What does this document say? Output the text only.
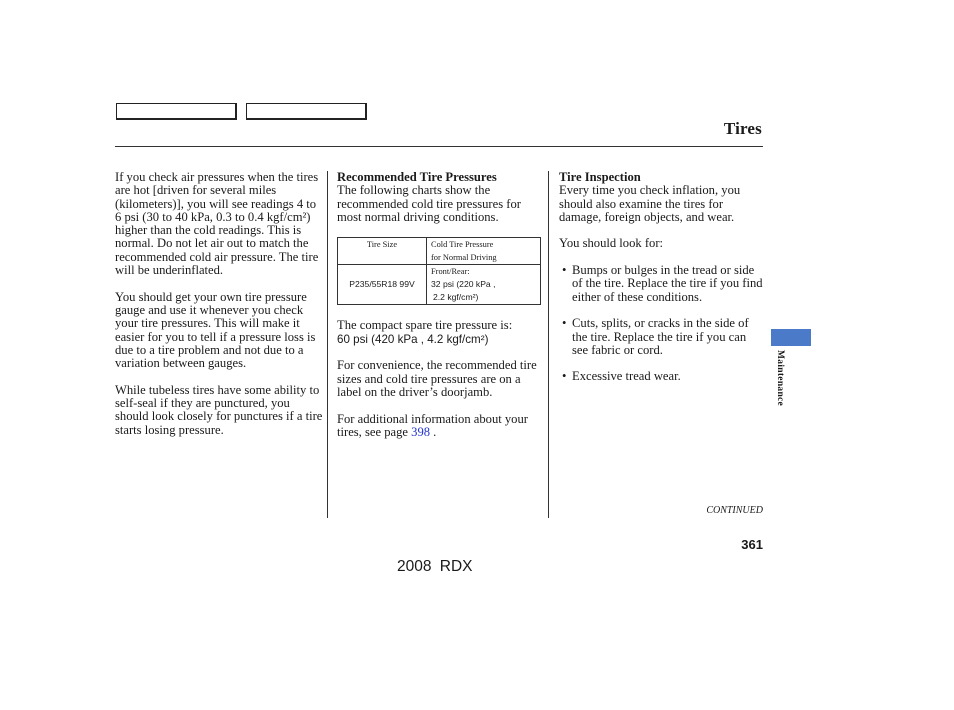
Tires

If you check air pressures when the tires are hot [driven for several miles (kilometers)], you will see readings 4 to 6 psi (30 to 40 kPa, 0.3 to 0.4 kgf/cm²) higher than the cold readings. This is normal. Do not let air out to match the recommended cold air pressure. The tire will be underinflated.

You should get your own tire pressure gauge and use it whenever you check your tire pressures. This will make it easier for you to tell if a pressure loss is due to a tire problem and not due to a variation between gauges.

While tubeless tires have some ability to self-seal if they are punctured, you should look closely for punctures if a tire starts losing pressure.

Recommended Tire Pressures

The following charts show the recommended cold tire pressures for most normal driving conditions.

Tire Size	Cold Tire Pressure
for Normal Driving

P235/55R18 99V	Front/Rear:
32 psi (220 kPa ,
2.2 kgf/cm²)
The compact spare tire pressure is:

60 psi (420 kPa , 4.2 kgf/cm²)

For convenience, the recommended tire sizes and cold tire pressures are on a label on the driver’s doorjamb.

For additional information about your tires, see page 398 .

Tire Inspection

Every time you check inflation, you should also examine the tires for damage, foreign objects, and wear.

You should look for:

• Bumps or bulges in the tread or side of the tire. Replace the tire if you find either of these conditions.
• Cuts, splits, or cracks in the side of the tire. Replace the tire if you can see fabric or cord.
• Excessive tread wear.	Maintenance
CONTINUED
361
2008 RDX
